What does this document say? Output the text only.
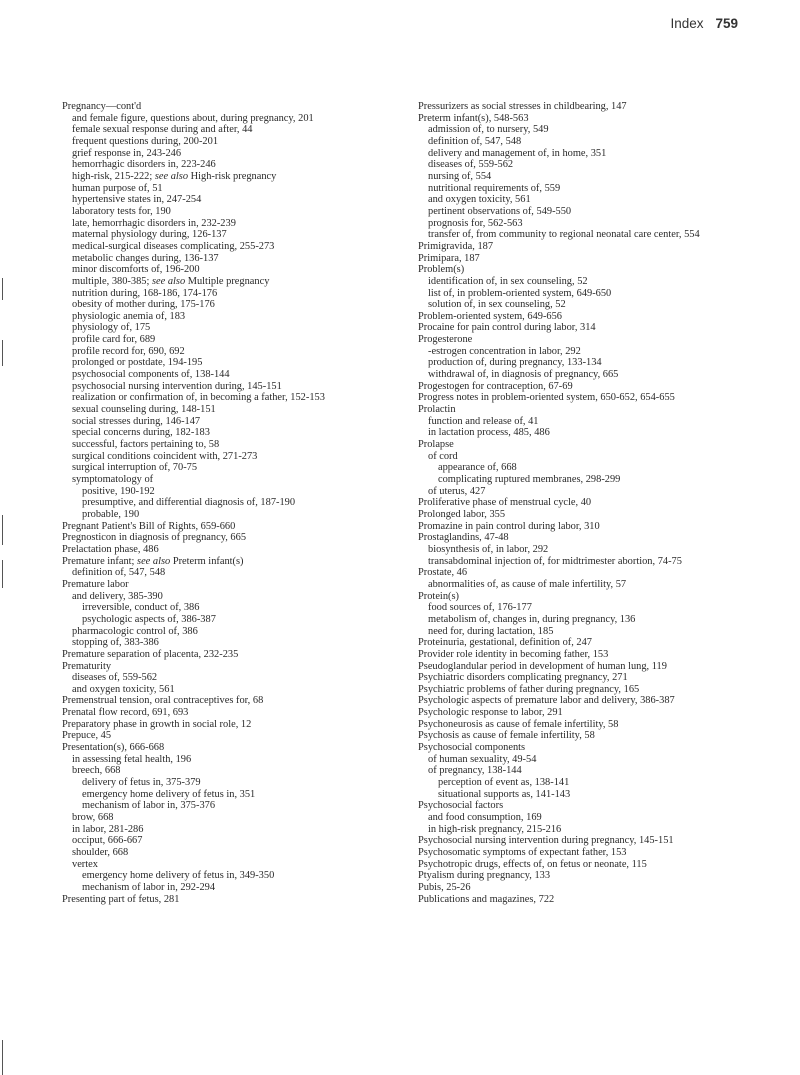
Index 759
Pregnancy—cont'd
and female figure, questions about, during pregnancy, 201
female sexual response during and after, 44
frequent questions during, 200-201
grief response in, 243-246
hemorrhagic disorders in, 223-246
high-risk, 215-222; see also High-risk pregnancy
human purpose of, 51
hypertensive states in, 247-254
laboratory tests for, 190
late, hemorrhagic disorders in, 232-239
maternal physiology during, 126-137
medical-surgical diseases complicating, 255-273
metabolic changes during, 136-137
minor discomforts of, 196-200
multiple, 380-385; see also Multiple pregnancy
nutrition during, 168-186, 174-176
obesity of mother during, 175-176
physiologic anemia of, 183
physiology of, 175
profile card for, 689
profile record for, 690, 692
prolonged or postdate, 194-195
psychosocial components of, 138-144
psychosocial nursing intervention during, 145-151
realization or confirmation of, in becoming a father, 152-153
sexual counseling during, 148-151
social stresses during, 146-147
special concerns during, 182-183
successful, factors pertaining to, 58
surgical conditions coincident with, 271-273
surgical interruption of, 70-75
symptomatology of
positive, 190-192
presumptive, and differential diagnosis of, 187-190
probable, 190
Pregnant Patient's Bill of Rights, 659-660
Pregnosticon in diagnosis of pregnancy, 665
Prelactation phase, 486
Premature infant; see also Preterm infant(s)
definition of, 547, 548
Premature labor
and delivery, 385-390
irreversible, conduct of, 386
psychologic aspects of, 386-387
pharmacologic control of, 386
stopping of, 383-386
Premature separation of placenta, 232-235
Prematurity
diseases of, 559-562
and oxygen toxicity, 561
Premenstrual tension, oral contraceptives for, 68
Prenatal flow record, 691, 693
Preparatory phase in growth in social role, 12
Prepuce, 45
Presentation(s), 666-668
in assessing fetal health, 196
breech, 668
delivery of fetus in, 375-379
emergency home delivery of fetus in, 351
mechanism of labor in, 375-376
brow, 668
in labor, 281-286
occiput, 666-667
shoulder, 668
vertex
emergency home delivery of fetus in, 349-350
mechanism of labor in, 292-294
Presenting part of fetus, 281
Pressurizers as social stresses in childbearing, 147
Preterm infant(s), 548-563
admission of, to nursery, 549
definition of, 547, 548
delivery and management of, in home, 351
diseases of, 559-562
nursing of, 554
nutritional requirements of, 559
and oxygen toxicity, 561
pertinent observations of, 549-550
prognosis for, 562-563
transfer of, from community to regional neonatal care center, 554
Primigravida, 187
Primipara, 187
Problem(s)
identification of, in sex counseling, 52
list of, in problem-oriented system, 649-650
solution of, in sex counseling, 52
Problem-oriented system, 649-656
Procaine for pain control during labor, 314
Progesterone
-estrogen concentration in labor, 292
production of, during pregnancy, 133-134
withdrawal of, in diagnosis of pregnancy, 665
Progestogen for contraception, 67-69
Progress notes in problem-oriented system, 650-652, 654-655
Prolactin
function and release of, 41
in lactation process, 485, 486
Prolapse
of cord
appearance of, 668
complicating ruptured membranes, 298-299
of uterus, 427
Proliferative phase of menstrual cycle, 40
Prolonged labor, 355
Promazine in pain control during labor, 310
Prostaglandins, 47-48
biosynthesis of, in labor, 292
transabdominal injection of, for midtrimester abortion, 74-75
Prostate, 46
abnormalities of, as cause of male infertility, 57
Protein(s)
food sources of, 176-177
metabolism of, changes in, during pregnancy, 136
need for, during lactation, 185
Proteinuria, gestational, definition of, 247
Provider role identity in becoming father, 153
Pseudoglandular period in development of human lung, 119
Psychiatric disorders complicating pregnancy, 271
Psychiatric problems of father during pregnancy, 165
Psychologic aspects of premature labor and delivery, 386-387
Psychologic response to labor, 291
Psychoneurosis as cause of female infertility, 58
Psychosis as cause of female infertility, 58
Psychosocial components
of human sexuality, 49-54
of pregnancy, 138-144
perception of event as, 138-141
situational supports as, 141-143
Psychosocial factors
and food consumption, 169
in high-risk pregnancy, 215-216
Psychosocial nursing intervention during pregnancy, 145-151
Psychosomatic symptoms of expectant father, 153
Psychotropic drugs, effects of, on fetus or neonate, 115
Ptyalism during pregnancy, 133
Pubis, 25-26
Publications and magazines, 722
